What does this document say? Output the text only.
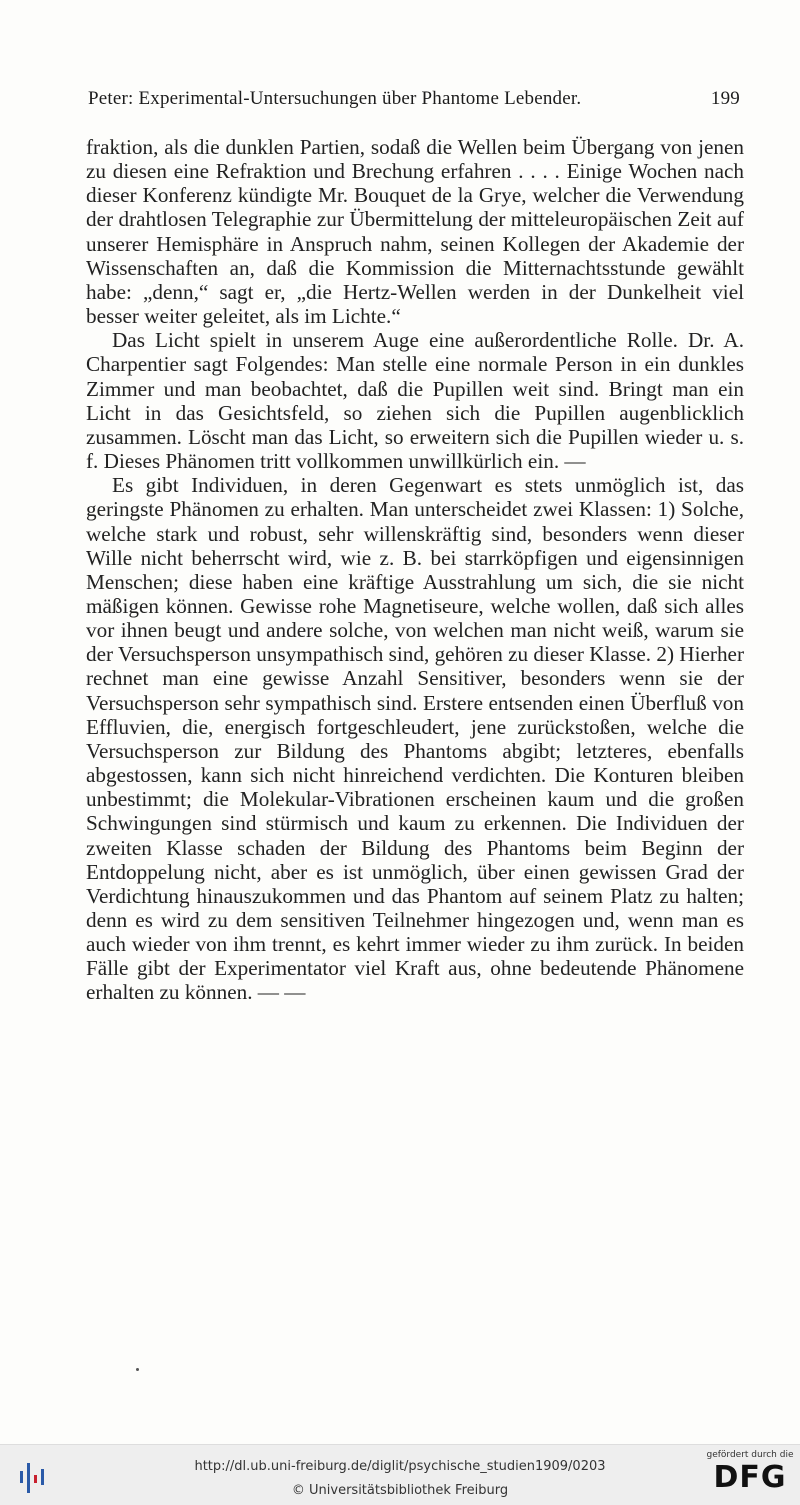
Peter: Experimental-Untersuchungen über Phantome Lebender.	199

fraktion, als die dunklen Partien, sodaß die Wellen beim Übergang von jenen zu diesen eine Refraktion und Brechung erfahren . . . . Einige Wochen nach dieser Konferenz kündigte Mr. Bouquet de la Grye, welcher die Verwendung der drahtlosen Telegraphie zur Übermittelung der mitteleuropäischen Zeit auf unserer Hemisphäre in Anspruch nahm, seinen Kollegen der Akademie der Wissenschaften an, daß die Kommission die Mitternachtsstunde gewählt habe: „denn,“ sagt er, „die Hertz-Wellen werden in der Dunkelheit viel besser weiter geleitet, als im Lichte.“

Das Licht spielt in unserem Auge eine außerordentliche Rolle. Dr. A. Charpentier sagt Folgendes: Man stelle eine normale Person in ein dunkles Zimmer und man beobachtet, daß die Pupillen weit sind. Bringt man ein Licht in das Gesichtsfeld, so ziehen sich die Pupillen augenblicklich zusammen. Löscht man das Licht, so erweitern sich die Pupillen wieder u. s. f. Dieses Phänomen tritt vollkommen unwillkürlich ein. —

Es gibt Individuen, in deren Gegenwart es stets unmöglich ist, das geringste Phänomen zu erhalten. Man unterscheidet zwei Klassen: 1) Solche, welche stark und robust, sehr willenskräftig sind, besonders wenn dieser Wille nicht beherrscht wird, wie z. B. bei starrköpfigen und eigensinnigen Menschen; diese haben eine kräftige Ausstrahlung um sich, die sie nicht mäßigen können. Gewisse rohe Magnetiseure, welche wollen, daß sich alles vor ihnen beugt und andere solche, von welchen man nicht weiß, warum sie der Versuchsperson unsympathisch sind, gehören zu dieser Klasse. 2) Hierher rechnet man eine gewisse Anzahl Sensitiver, besonders wenn sie der Versuchsperson sehr sympathisch sind. Erstere entsenden einen Überfluß von Effluvien, die, energisch fortgeschleudert, jene zurückstoßen, welche die Versuchsperson zur Bildung des Phantoms abgibt; letzteres, ebenfalls abgestossen, kann sich nicht hinreichend verdichten. Die Konturen bleiben unbestimmt; die Molekular-Vibrationen erscheinen kaum und die großen Schwingungen sind stürmisch und kaum zu erkennen. Die Individuen der zweiten Klasse schaden der Bildung des Phantoms beim Beginn der Entdoppelung nicht, aber es ist unmöglich, über einen gewissen Grad der Verdichtung hinauszukommen und das Phantom auf seinem Platz zu halten; denn es wird zu dem sensitiven Teilnehmer hingezogen und, wenn man es auch wieder von ihm trennt, es kehrt immer wieder zu ihm zurück. In beiden Fälle gibt der Experimentator viel Kraft aus, ohne bedeutende Phänomene erhalten zu können. — —

http://dl.ub.uni-freiburg.de/diglit/psychische_studien1909/0203
© Universitätsbibliothek Freiburg
gefördert durch die
DFG
